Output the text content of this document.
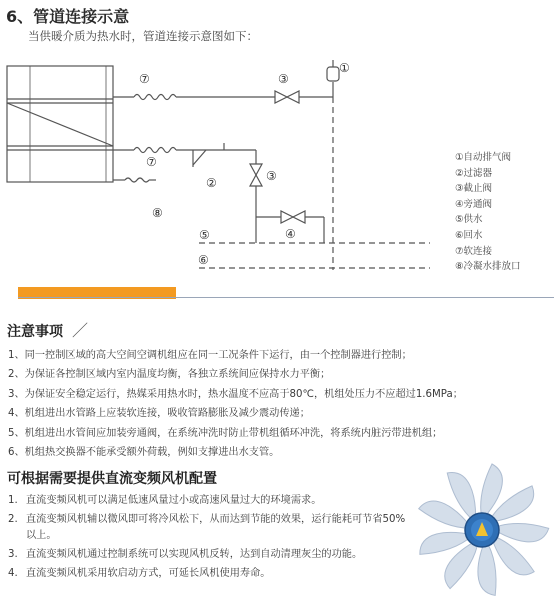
6、管道连接示意
当供暖介质为热水时，管道连接示意图如下：
①
③
⑦
⑦
②	③
⑧
⑤	④
⑥
①自动排气阀
②过滤器
③截止阀
④旁通阀
⑤供水
⑥回水
⑦软连接
⑧冷凝水排放口
注意事项 ／
1、同一控制区域的高大空间空调机组应在同一工况条件下运行，由一个控制器进行控制；
2、为保证各控制区域内室内温度均衡，各独立系统间应保持水力平衡；
3、为保证安全稳定运行，热媒采用热水时，热水温度不应高于80℃，机组处压力不应超过1.6MPa；
4、机组进出水管路上应装软连接，吸收管路膨胀及减少震动传递；
5、机组进出水管间应加装旁通阀，在系统冲洗时防止带机组循环冲洗，将系统内脏污带进机组；
6、机组热交换器不能承受额外荷载，例如支撑进出水支管。
可根据需要提供直流变频风机配置
1. 直流变频风机可以满足低速风量过小或高速风量过大的环境需求。
2. 直流变频风机辅以微风即可将冷风松下，从而达到节能的效果，运行能耗可节省50%以上。
3. 直流变频风机通过控制系统可以实现风机反转，达到自动清理灰尘的功能。
4. 直流变频风机采用软启动方式，可延长风机使用寿命。
